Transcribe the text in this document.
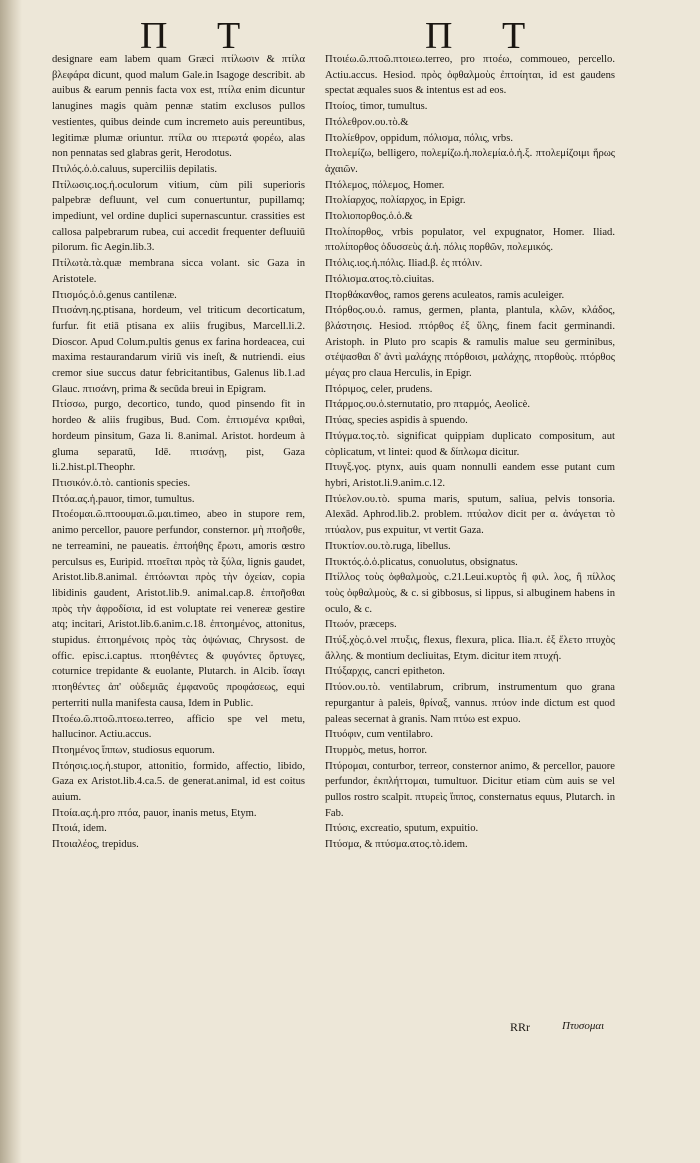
Π T	Π T

designare eam labem quam Græci πτίλωσιν & πτίλα βλεφάρα dicunt, quod malum Gale.in Isagoge describit. ab auibus & earum pennis facta vox est, πτίλα enim dicuntur lanugines magis quàm pennæ statim exclusos pullos vestientes, quibus deinde cum incremeto auis pereuntibus, legitimæ plumæ oriuntur. πτίλα ου πτερωτά φορέω, alas non pennatas sed glabras gerit, Herodotus.

Πτιλός.ὁ.ὁ.caluus, superciliis depilatis.

Πτίλωσις.ιος.ἡ.oculorum vitium, cùm pili superioris palpebræ defluunt, vel cum conuertuntur, pupillamq; impediunt, vel ordine duplici supernascuntur. crassities est callosa palpebrarum rubea, cui accedit frequenter defluuiū pilorum. fic Aegin.lib.3.

Πτίλωτὰ.τὰ.quæ membrana sicca volant. sic Gaza in Aristotele.

Πτισμός.ὁ.ὁ.genus cantilenæ.

Πτισάνη.ης.ptisana, hordeum, vel triticum decorticatum, furfur. fit etiā ptisana ex aliis frugibus, Marcell.li.2. Dioscor. Apud Colum.pultis genus ex farina hordeacea, cui maxima restaurandarum viriū vis ineſt, & nutriendi. eius cremor siue succus datur febricitantibus, Galenus lib.1.ad Glauc. πτισάνη, prima & secūda breui in Epigram.

Πτίσσω, purgo, decortico, tundo, quod pinsendo fit in hordeo & aliis frugibus, Bud. Com. ἐπτισμένα κριθαὶ, hordeum pinsitum, Gaza li. 8.animal. Aristot. hordeum à gluma separatū, Idē. πτισάνῃ, pist, Gaza li.2.hist.pl.Theophr.

Πτισικόν.ὁ.τὸ. cantionis species.

Πτόα.ας.ἡ.pauor, timor, tumultus.

Πτοέομαι.ῶ.πτοουμαι.ῶ.μαι.timeo, abeo in stupore rem, animo percellor, pauore perfundor, consternor. μὴ πτοῆσθε, ne terreamini, ne paueatis. ἐπτοήθης ἔρωτι, amoris œstro perculsus es, Euripid. πτοεῖται πρὸς τὰ ξύλα, lignis gaudet, Aristot.lib.8.animal. ἐπτόωνται πρὸς τὴν ὀχείαν, copia libidinis gaudent, Aristot.lib.9. animal.cap.8. ἐπτοῆσθαι πρὸς τὴν ἀφροδίσια, id est voluptate rei venereæ gestire atq; incitari, Aristot.lib.6.anim.c.18. ἐπτοημένος, attonitus, stupidus. ἐπτοημένοις πρὸς τὰς ὀψώνιας, Chrysost. de offic. episc.i.captus. πτοηθέντες & φυγόντες ὄρτυγες, coturnice trepidante & euolante, Plutarch. in Alcib. ἴσαγι πτοηθέντες ἀπ' οὐδεμιᾶς ἐμφανοῦς προφάσεως, equi perterriti nulla manifesta causa, Idem in Public.

Πτοέω.ῶ.πτοῶ.πτοεω.terreo, afficio spe vel metu, hallucinor. Actiu.accus.

Πτοημένος ἵππων, studiosus equorum.

Πτόησις.ιος.ἡ.stupor, attonitio, formido, affectio, libido, Gaza ex Aristot.lib.4.ca.5. de generat.animal, id est coitus auium.

Πτοία.ας.ἡ.pro πτόα, pauor, inanis metus, Etym.

Πτοιά, idem.

Πτοιαλέος, trepidus.

Πτοιέω.ῶ.πτοῶ.πτοιεω.terreo, pro πτοέω, commoueo, percello. Actiu.accus. Hesiod. πρὸς ὀφθαλμοὺς ἐπτοίηται, id est gaudens spectat æquales suos & intentus est ad eos.

Πτοίος, timor, tumultus.

Πτόλεθρον.ου.τὸ.&

Πτολίεθρον, oppidum, πόλισμα, πόλις, vrbs.

Πτολεμίζω, belligero, πολεμίζω.ἡ.πολεμία.ὁ.ἡ.ξ. πτολεμίζοιμι ἥρως ἀχαιῶν.

Πτόλεμος, πόλεμος, Homer.

Πτολίαρχος, πολίαρχος, in Epigr.

Πτολιοπορθος.ὁ.ὁ.&

Πτολίπορθος, vrbis populator, vel expugnator, Homer. Iliad. πτολίπορθος ὀδυσσεὺς ἀ.ἡ. πόλις πορθῶν, πολεμικός.

Πτόλις.ιος.ἡ.πόλις. Iliad.β. ἐς πτόλιν.

Πτόλισμα.ατος.τὸ.ciuitas.

Πτορθάκανθος, ramos gerens aculeatos, ramis aculeiger.

Πτόρθος.ου.ὁ. ramus, germen, planta, plantula, κλῶν, κλάδος, βλάστησις. Hesiod. πτόρθος ἐξ ὕλης, finem facit germinandi. Aristoph. in Pluto pro scapis & ramulis malue seu germinibus, στέψασθαι δ' ἀντὶ μαλάχης πτόρθοισι, μαλάχης, πτορθοὺς. πτόρθος μέγας pro claua Herculis, in Epigr.

Πτόριμος, celer, prudens.

Πτάρμος.ου.ὁ.sternutatio, pro πταρμός, Aeolicè.

Πτύας, species aspidis à spuendo.

Πτύγμα.τος.τὸ. significat quippiam duplicato compositum, aut còplicatum, vt lintei: quod & δίπλωμα dicitur.

Πτυγξ.γος. ptynx, auis quam nonnulli eandem esse putant cum hybri, Aristot.li.9.anim.c.12.

Πτύελον.ου.τὸ. spuma maris, sputum, saliua, pelvis tonsoria. Alexād. Aphrod.lib.2. problem. πτύαλον dicit per α. ἀνάγεται τὸ πτύαλον, pus expuitur, vt vertit Gaza.

Πτυκτίον.ου.τὸ.ruga, libellus.

Πτυκτός.ὁ.ὁ.plicatus, conuolutus, obsignatus.

Πτίλλος τοὺς ὀφθαλμοὺς, c.21.Leui.κυρτὸς ἢ φιλ. λος, ἢ πίλλος τοὺς ὀφθαλμοὺς, & c. si gibbosus, si lippus, si albuginem habens in oculo, & c.

Πτωόν, præceps.

Πτύξ.χὸς.ὁ.vel πτυξις, flexus, flexura, plica. Ilia.π. ἐξ ἕλετο πτυχὸς ἄλλης. & montium decliuitas, Etym. dicitur item πτυχή.

Πτύξαρχις, cancri epitheton.

Πτύον.ου.τὸ. ventilabrum, cribrum, instrumentum quo grana repurgantur à paleis, θρίναξ, vannus. πτύον inde dictum est quod paleas secernat à granis. Nam πτύω est expuo.

Πτυόφιν, cum ventilabro.

Πτυρμὸς, metus, horror.

Πτύρομαι, conturbor, terreor, consternor animo, & percellor, pauore perfundor, ἐκπλήττομαι, tumultuor. Dicitur etiam cùm auis se vel pullos rostro scalpit. πτυρεὶς ἵππος, consternatus equus, Plutarch. in Fab.

Πτύσις, excreatio, sputum, expuitio.

Πτύσμα, & πτύσμα.ατος.τὸ.idem.

RRr	Πτυσομαι
